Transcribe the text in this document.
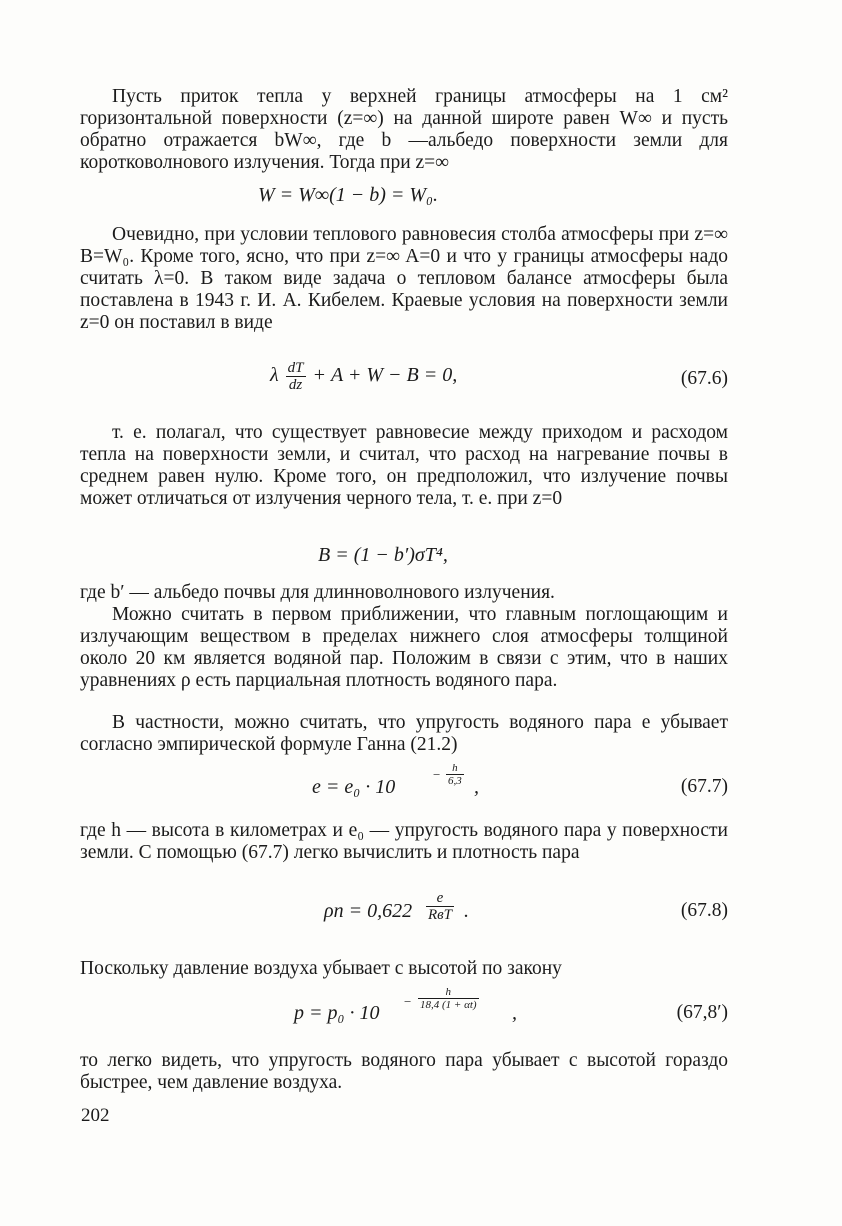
Пусть приток тепла у верхней границы атмосферы на 1 см² горизонтальной поверхности (z=∞) на данной широте равен W∞ и пусть обратно отражается bW∞, где b —альбедо поверхности земли для коротковолнового излучения. Тогда при z=∞

W = W∞(1 − b) = W₀.

Очевидно, при условии теплового равновесия столба атмосферы при z=∞ B=W₀. Кроме того, ясно, что при z=∞ A=0 и что у границы атмосферы надо считать λ=0. В таком виде задача о тепловом балансе атмосферы была поставлена в 1943 г. И. А. Кибелем. Краевые условия на поверхности земли z=0 он поставил в виде

λ $\frac{dT}{dz} + A + W - B = 0$,	(67.6)

т. е. полагал, что существует равновесие между приходом и расходом тепла на поверхности земли, и считал, что расход на нагревание почвы в среднем равен нулю. Кроме того, он предположил, что излучение почвы может отличаться от излучения черного тела, т. е. при z=0

B = (1 − b′)σT⁴,

где b′ — альбедо почвы для длинноволнового излучения.

Можно считать в первом приближении, что главным поглощающим и излучающим веществом в пределах нижнего слоя атмосферы толщиной около 20 км является водяной пар. Положим в связи с этим, что в наших уравнениях ρ есть парциальная плотность водяного пара.

В частности, можно считать, что упругость водяного пара e убывает согласно эмпирической формуле Ганна (21.2)

e = e₀ · 10
− $\frac{h}{6,3}$ ,	(67.7)

где h — высота в километрах и e₀ — упругость водяного пара у поверхности земли. С помощью (67.7) легко вычислить и плотность пара

ρп = 0,622
e
RвT .	(67.8)

Поскольку давление воздуха убывает с высотой по закону

p = p₀ · 10
− $\frac{h}{18,4 (1 + \alpha t)}$
,	(67,8′)

то легко видеть, что упругость водяного пара убывает с высотой гораздо быстрее, чем давление воздуха.

202
